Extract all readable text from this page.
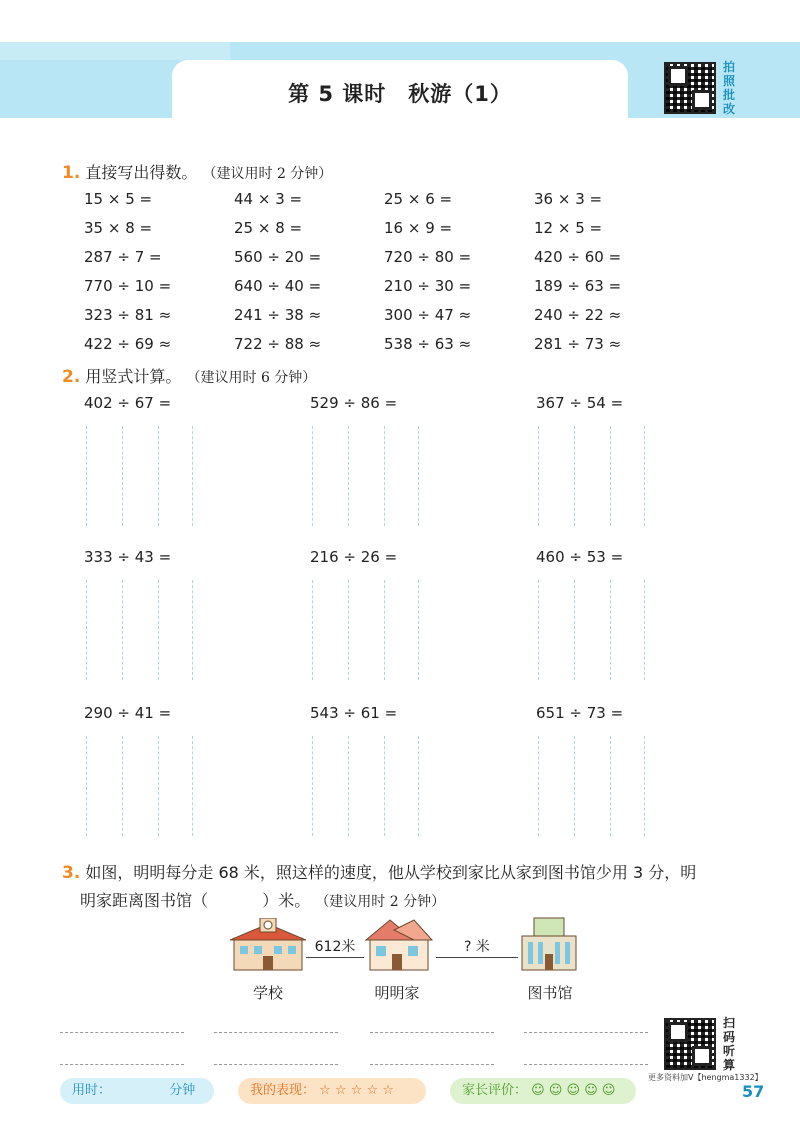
第 5 课时　秋游（1）
拍
照
批
改
1. 直接写出得数。 （建议用时 2 分钟）
15 × 5 =	44 × 3 =	25 × 6 =	36 × 3 =
35 × 8 =	25 × 8 =	16 × 9 =	12 × 5 =
287 ÷ 7 =	560 ÷ 20 =	720 ÷ 80 =	420 ÷ 60 =
770 ÷ 10 =	640 ÷ 40 =	210 ÷ 30 =	189 ÷ 63 =
323 ÷ 81 ≈	241 ÷ 38 ≈	300 ÷ 47 ≈	240 ÷ 22 ≈
422 ÷ 69 ≈	722 ÷ 88 ≈	538 ÷ 63 ≈	281 ÷ 73 ≈
2. 用竖式计算。 （建议用时 6 分钟）
402 ÷ 67 =	529 ÷ 86 =	367 ÷ 54 =
333 ÷ 43 =	216 ÷ 26 =	460 ÷ 53 =
290 ÷ 41 =	543 ÷ 61 =	651 ÷ 73 =
3. 如图，明明每分走 68 米，照这样的速度，他从学校到家比从家到图书馆少用 3 分，明
明家距离图书馆（	）米。 （建议用时 2 分钟）
612米	? 米
学校	明明家	图书馆
扫
码
听
算
用时：	分钟	我的表现： ☆ ☆ ☆ ☆ ☆	家长评价： ☺ ☺ ☺ ☺ ☺
更多资料加V【hengma1332】
57
